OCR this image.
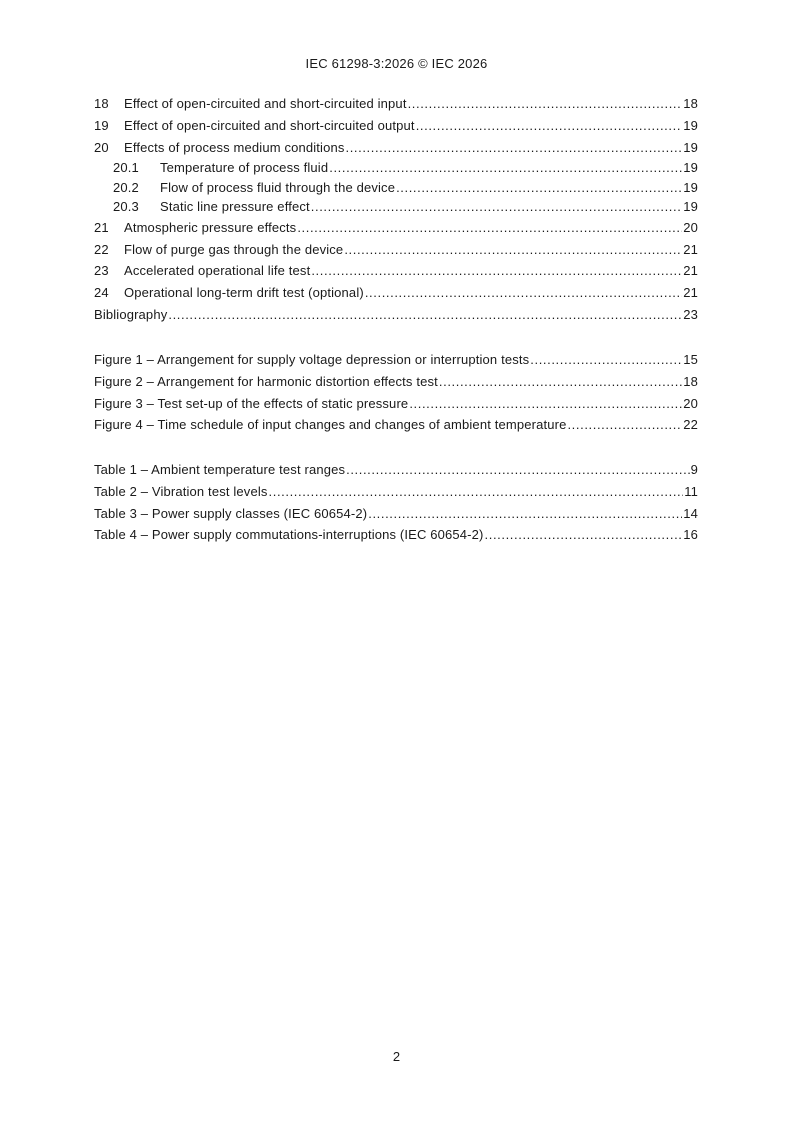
IEC 61298-3:2026 © IEC 2026
18	Effect of open-circuited and short-circuited input .....	18
19	Effect of open-circuited and short-circuited output .....	19
20	Effects of process medium conditions .....	19
20.1	Temperature of process fluid .....	19
20.2	Flow of process fluid through the device .....	19
20.3	Static line pressure effect .....	19
21	Atmospheric pressure effects .....	20
22	Flow of purge gas through the device .....	21
23	Accelerated operational life test .....	21
24	Operational long-term drift test (optional) .....	21
Bibliography .....	23
Figure 1 – Arrangement for supply voltage depression or interruption tests .....	15
Figure 2 – Arrangement for harmonic distortion effects test .....	18
Figure 3 – Test set-up of the effects of static pressure .....	20
Figure 4 – Time schedule of input changes and changes of ambient temperature .....	22
Table 1 – Ambient temperature test ranges .....	9
Table 2 – Vibration test levels .....	11
Table 3 – Power supply classes (IEC 60654-2) .....	14
Table 4 – Power supply commutations-interruptions (IEC 60654-2) .....	16
2
